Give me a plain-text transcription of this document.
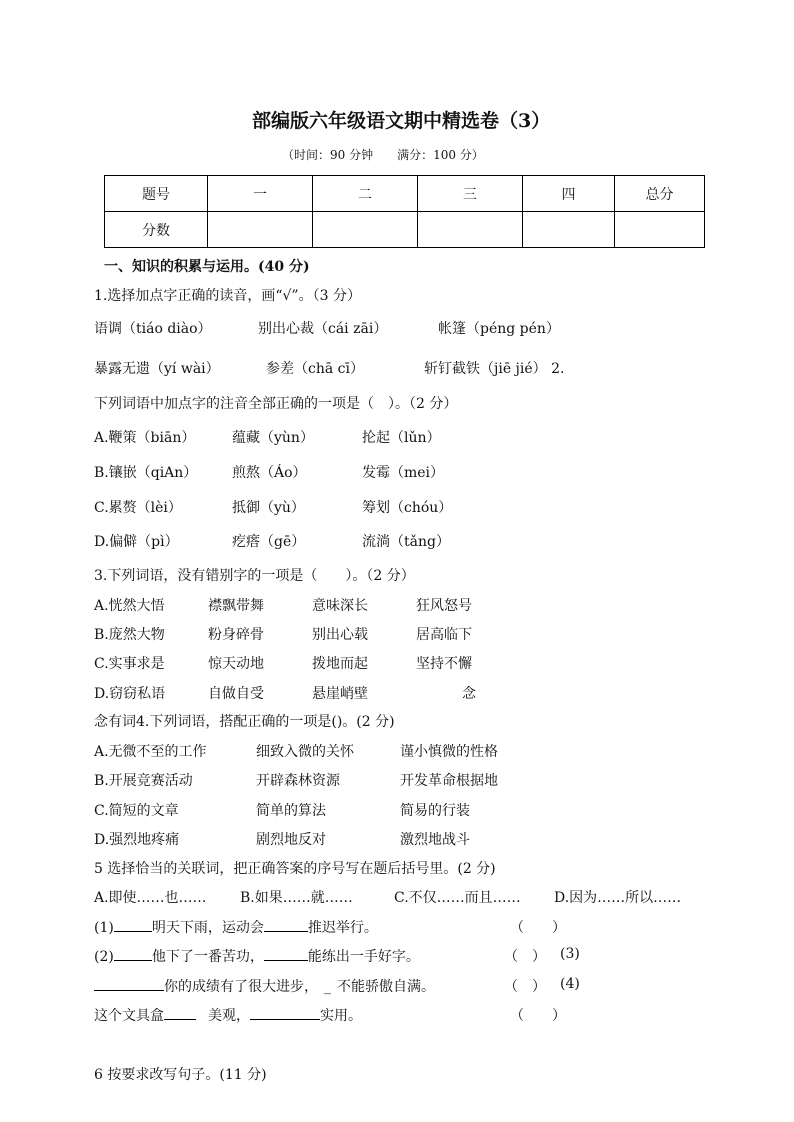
部编版六年级语文期中精选卷（3）
（时间：90 分钟　　满分：100 分）
题号	一	二	三	四	总分
分数					
一、知识的积累与运用。(40 分)
1.选择加点字正确的读音，画“√”。（3 分）
语调（tiáo diào）	别出心裁（cái zāi）	帐篷（péng pén）
暴露无遗（yí wài）	参差（chā cī）	斩钉截铁（jiē jié） 2.
下列词语中加点字的注音全部正确的一项是（　）。（2 分）
A.鞭策（biān）	蕴藏（yùn）	抡起（lǔn）
B.镶嵌（qiAn） 煎熬（Áo）	发霉（mei）
C.累赘（lèi）	抵御（yù）	筹划（chóu）
D.偏僻（pì）	疙瘩（gē）	流淌（tǎng）
3.下列词语，没有错别字的一项是（　　）。（2 分）
A.恍然大悟	襟飘带舞	意味深长	狂风怒号
B.庞然大物	粉身碎骨	别出心载	居高临下
C.实事求是	惊天动地	拨地而起	坚持不懈
D.窃窃私语	自做自受	悬崖峭壁	念
念有词4.下列词语，搭配正确的一项是()。(2 分)
A.无微不至的工作	细致入微的关怀	谨小慎微的性格
B.开展竞赛活动	开辟森林资源	开发革命根据地
C.简短的文章	简单的算法	简易的行装
D.强烈地疼痛	剧烈地反对	激烈地战斗
5 选择恰当的关联词，把正确答案的序号写在题后括号里。(2 分)
A.即使……也…… B.如果……就……	C.不仅……而且…… D.因为……所以……
(1)	明天下雨，运动会	推迟举行。	（　　）
(2)	他下了一番苦功，	能练出一手好字。	（　） (3)
你的成绩有了很大进步， _ 不能骄傲自满。	（　） (4)
这个文具盒	美观，	实用。	（　　）
6 按要求改写句子。(11 分)
